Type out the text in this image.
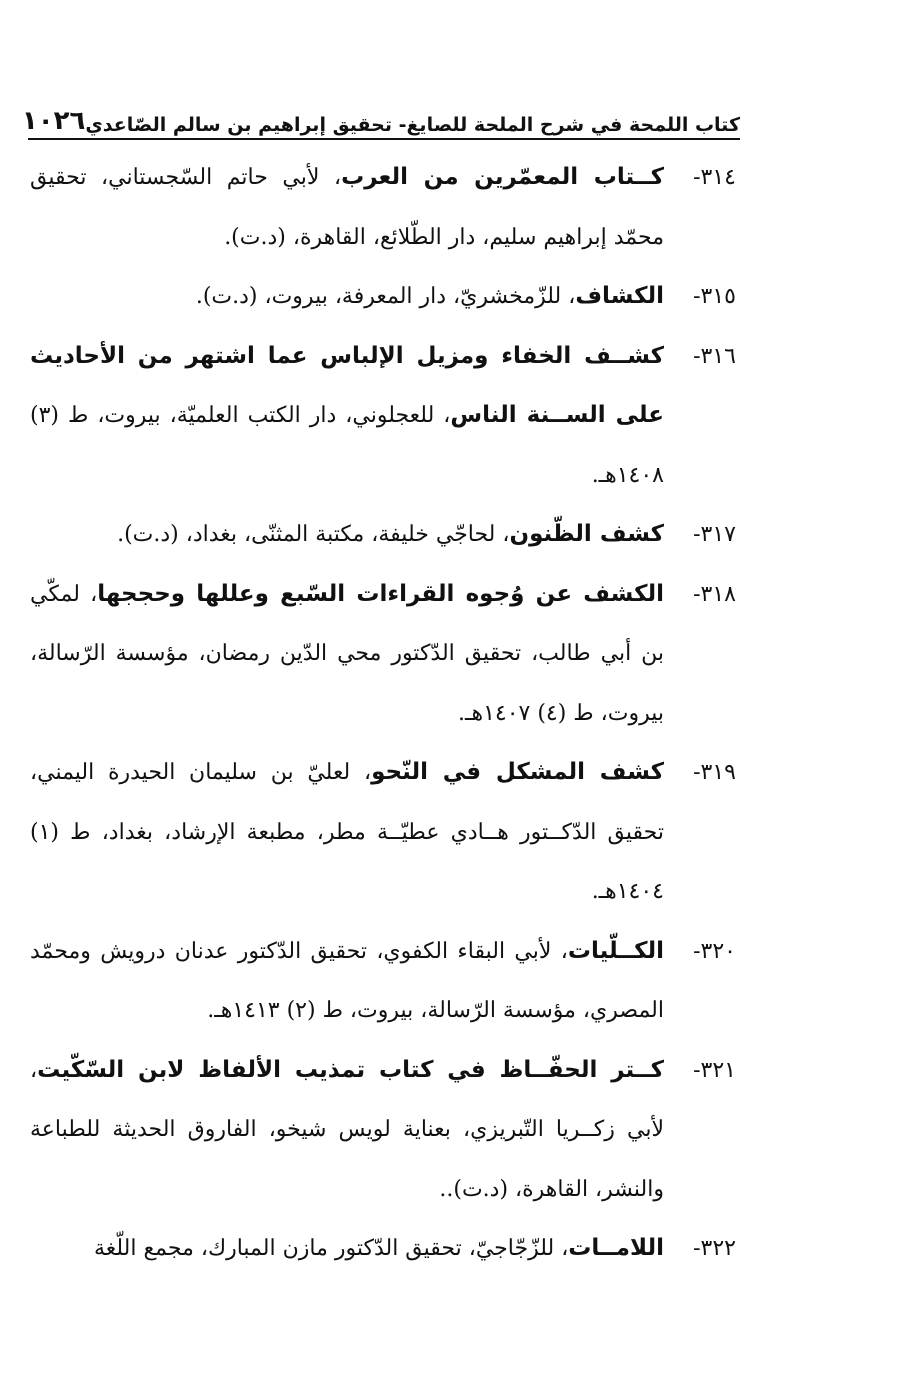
كتاب اللمحة في شرح الملحة للصايغ- تحقيق إبراهيم بن سالم الصّاعدي
١٠٢٦
٣١٤-كــتاب المعمّرين من العرب، لأبي حاتم السّجستاني، تحقيق محمّد إبراهيم سليم، دار الطّلائع، القاهرة، (د.ت).
٣١٥-الكشاف، للزّمخشريّ، دار المعرفة، بيروت، (د.ت).
٣١٦-كشــف الخفاء ومزيل الإلباس عما اشتهر من الأحاديث على الســنة الناس، للعجلوني، دار الكتب العلميّة، بيروت، ط (٣) ١٤٠٨هـ.
٣١٧-كشف الظّنون، لحاجّي خليفة، مكتبة المثنّى، بغداد، (د.ت).
٣١٨-الكشف عن وُجوه القراءات السّبع وعللها وحججها، لمكّي بن أبي طالب، تحقيق الدّكتور محي الدّين رمضان، مؤسسة الرّسالة، بيروت، ط (٤) ١٤٠٧هـ.
٣١٩-كشف المشكل في النّحو، لعليّ بن سليمان الحيدرة اليمني، تحقيق الدّكــتور هــادي عطيّــة مطر، مطبعة الإرشاد، بغداد، ط (١) ١٤٠٤هـ.
٣٢٠-الكــلّيات، لأبي البقاء الكفوي، تحقيق الدّكتور عدنان درويش ومحمّد المصري، مؤسسة الرّسالة، بيروت، ط (٢) ١٤١٣هـ.
٣٢١-كــتر الحفّــاظ في كتاب تمذيب الألفاظ لابن السّكّيت، لأبي زكــريا التّبريزي، بعناية لويس شيخو، الفاروق الحديثة للطباعة والنشر، القاهرة، (د.ت)..
٣٢٢-اللامــات، للزّجّاجيّ، تحقيق الدّكتور مازن المبارك، مجمع اللّغة
